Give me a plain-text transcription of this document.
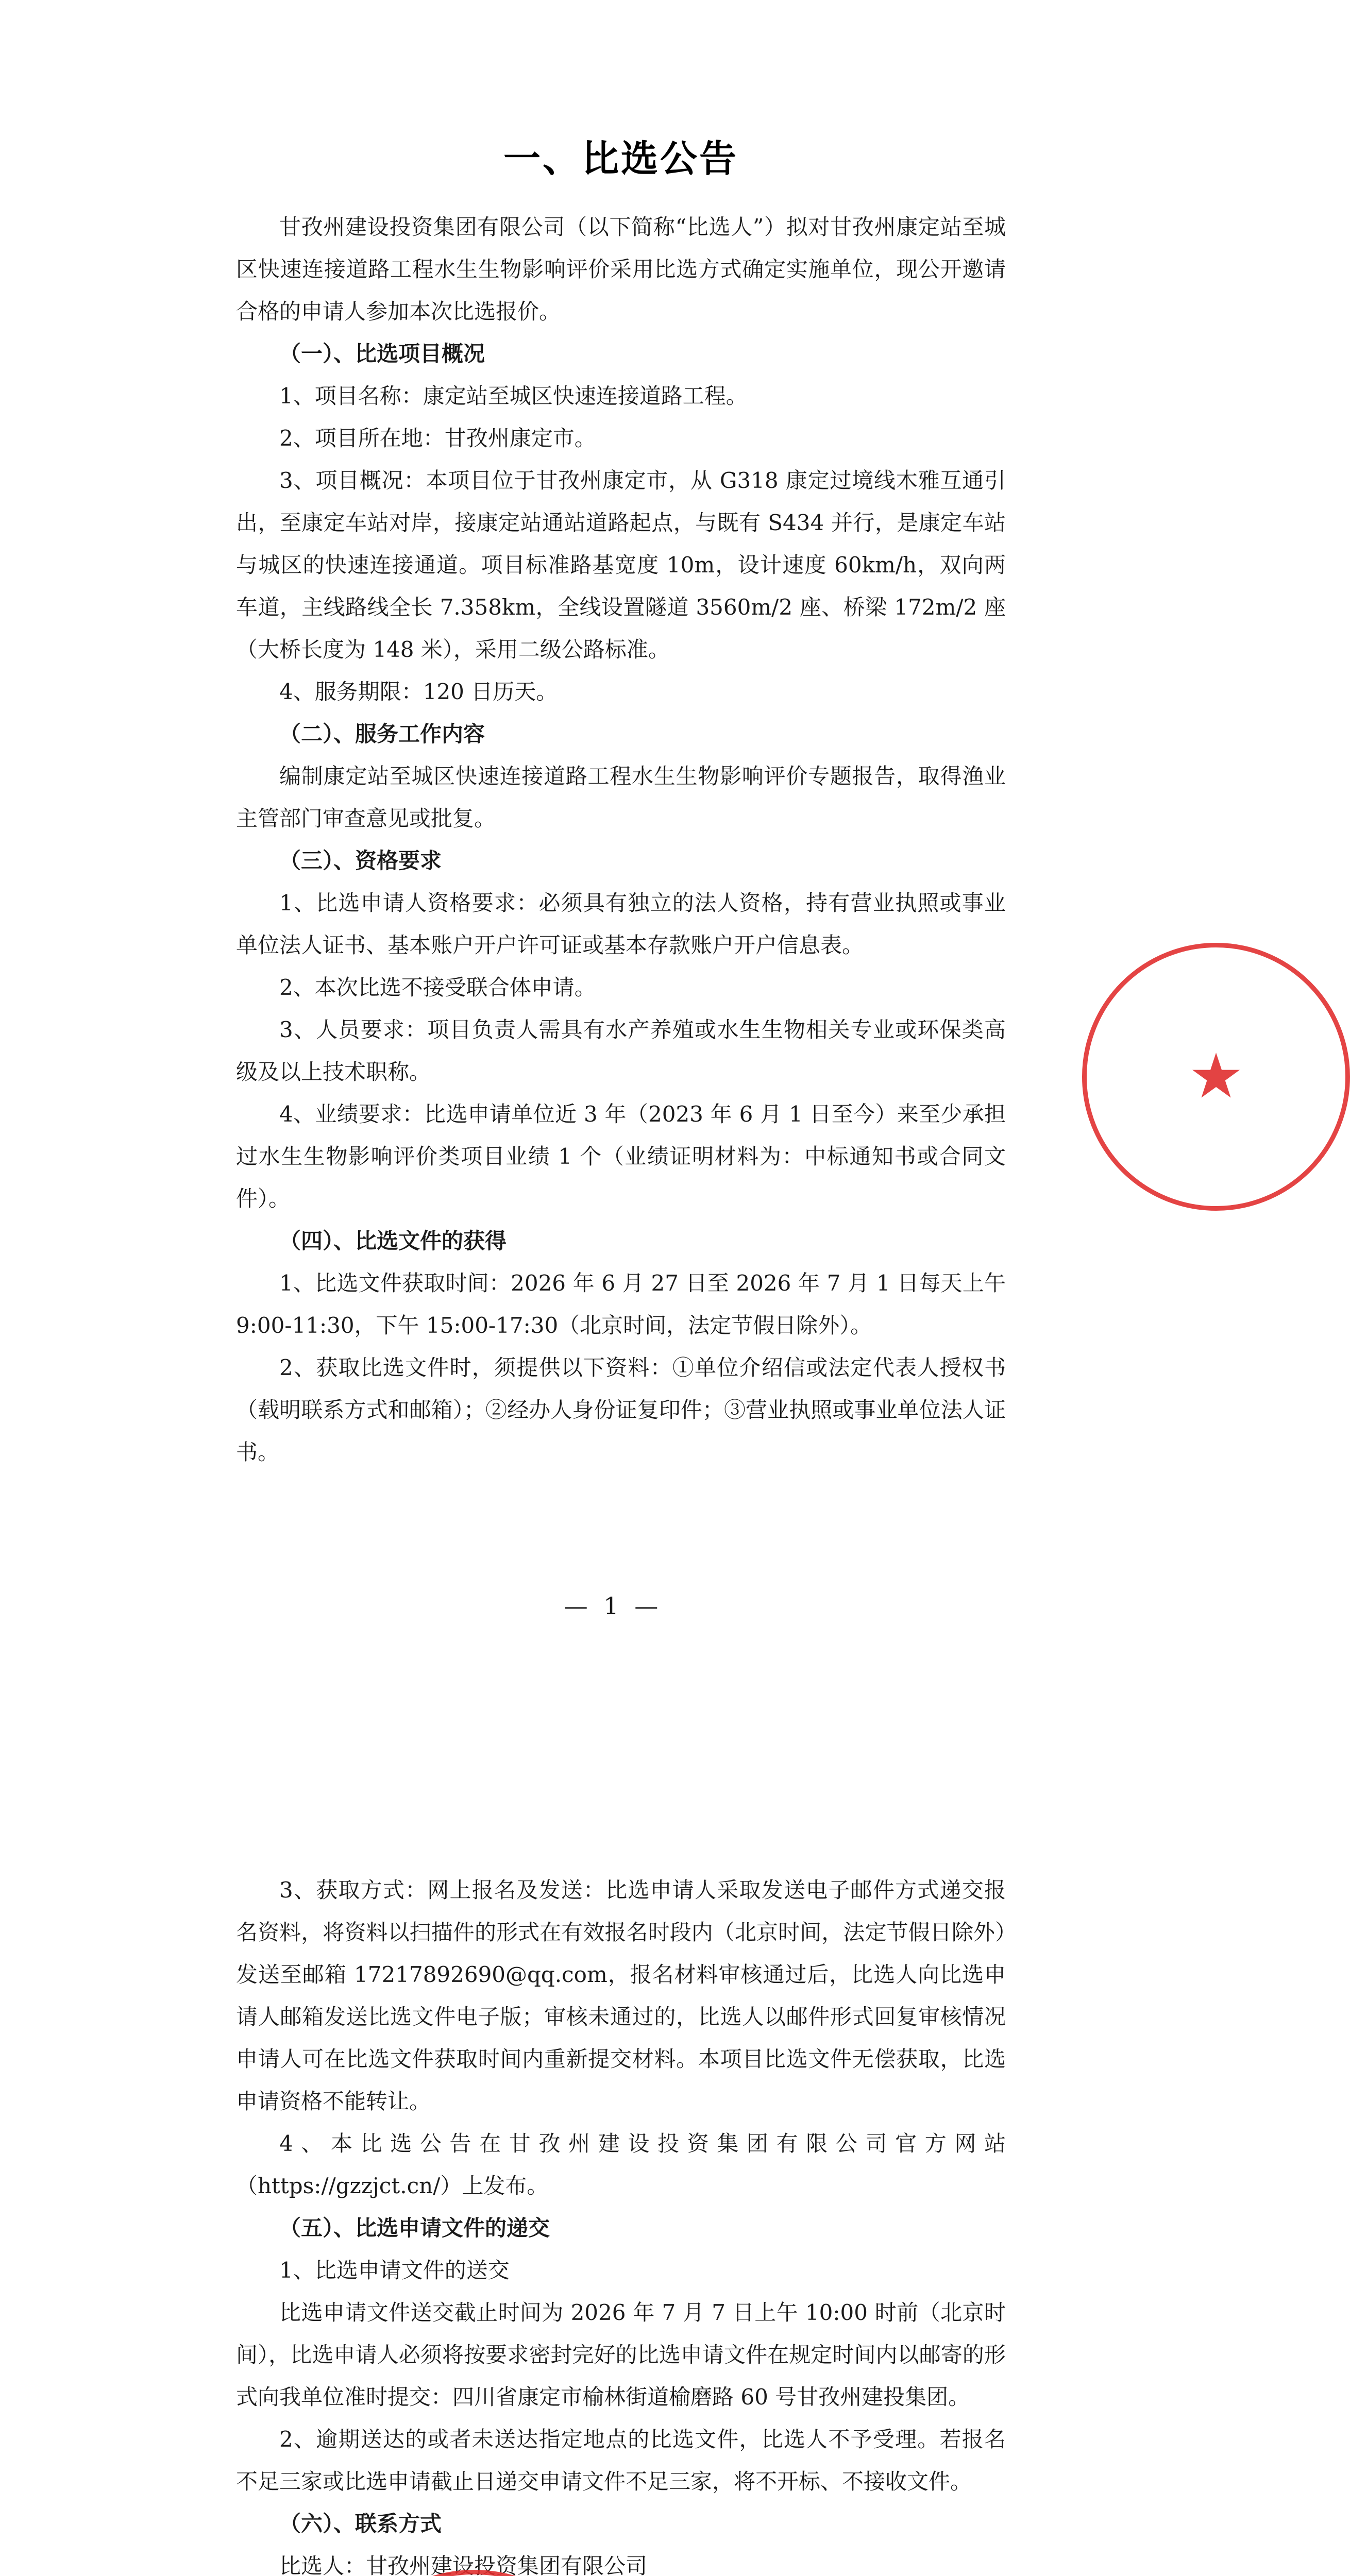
一、比选公告

甘孜州建设投资集团有限公司（以下简称“比选人”）拟对甘孜州康定站至城区快速连接道路工程水生生物影响评价采用比选方式确定实施单位，现公开邀请合格的申请人参加本次比选报价。

（一）、比选项目概况

1、项目名称：康定站至城区快速连接道路工程。

2、项目所在地：甘孜州康定市。

3、项目概况：本项目位于甘孜州康定市，从 G318 康定过境线木雅互通引出，至康定车站对岸，接康定站通站道路起点，与既有 S434 并行，是康定车站与城区的快速连接通道。项目标准路基宽度 10m，设计速度 60km/h，双向两车道，主线路线全长 7.358km，全线设置隧道 3560m/2 座、桥梁 172m/2 座（大桥长度为 148 米），采用二级公路标准。

4、服务期限：120 日历天。

（二）、服务工作内容

编制康定站至城区快速连接道路工程水生生物影响评价专题报告，取得渔业主管部门审查意见或批复。

（三）、资格要求

1、比选申请人资格要求：必须具有独立的法人资格，持有营业执照或事业单位法人证书、基本账户开户许可证或基本存款账户开户信息表。

2、本次比选不接受联合体申请。

3、人员要求：项目负责人需具有水产养殖或水生生物相关专业或环保类高级及以上技术职称。

4、业绩要求：比选申请单位近 3 年（2023 年 6 月 1 日至今）来至少承担过水生生物影响评价类项目业绩 1 个（业绩证明材料为：中标通知书或合同文件）。

（四）、比选文件的获得

1、比选文件获取时间：2026 年 6 月 27 日至 2026 年 7 月 1 日每天上午 9:00-11:30，下午 15:00-17:30（北京时间，法定节假日除外）。

2、获取比选文件时，须提供以下资料：①单位介绍信或法定代表人授权书（载明联系方式和邮箱）；②经办人身份证复印件；③营业执照或事业单位法人证书。

— 1 —
★

3、获取方式：网上报名及发送：比选申请人采取发送电子邮件方式递交报名资料，将资料以扫描件的形式在有效报名时段内（北京时间，法定节假日除外）发送至邮箱 17217892690@qq.com，报名材料审核通过后，比选人向比选申请人邮箱发送比选文件电子版；审核未通过的，比选人以邮件形式回复审核情况申请人可在比选文件获取时间内重新提交材料。本项目比选文件无偿获取，比选申请资格不能转让。

4、本比选公告在甘孜州建设投资集团有限公司官方网站（https://gzzjct.cn/）上发布。

（五）、比选申请文件的递交

1、比选申请文件的送交

比选申请文件送交截止时间为 2026 年 7 月 7 日上午 10:00 时前（北京时间），比选申请人必须将按要求密封完好的比选申请文件在规定时间内以邮寄的形式向我单位准时提交：四川省康定市榆林街道榆磨路 60 号甘孜州建投集团。

2、逾期送达的或者未送达指定地点的比选文件，比选人不予受理。若报名不足三家或比选申请截止日递交申请文件不足三家，将不开标、不接收文件。

（六）、联系方式

比选人：甘孜州建设投资集团有限公司
